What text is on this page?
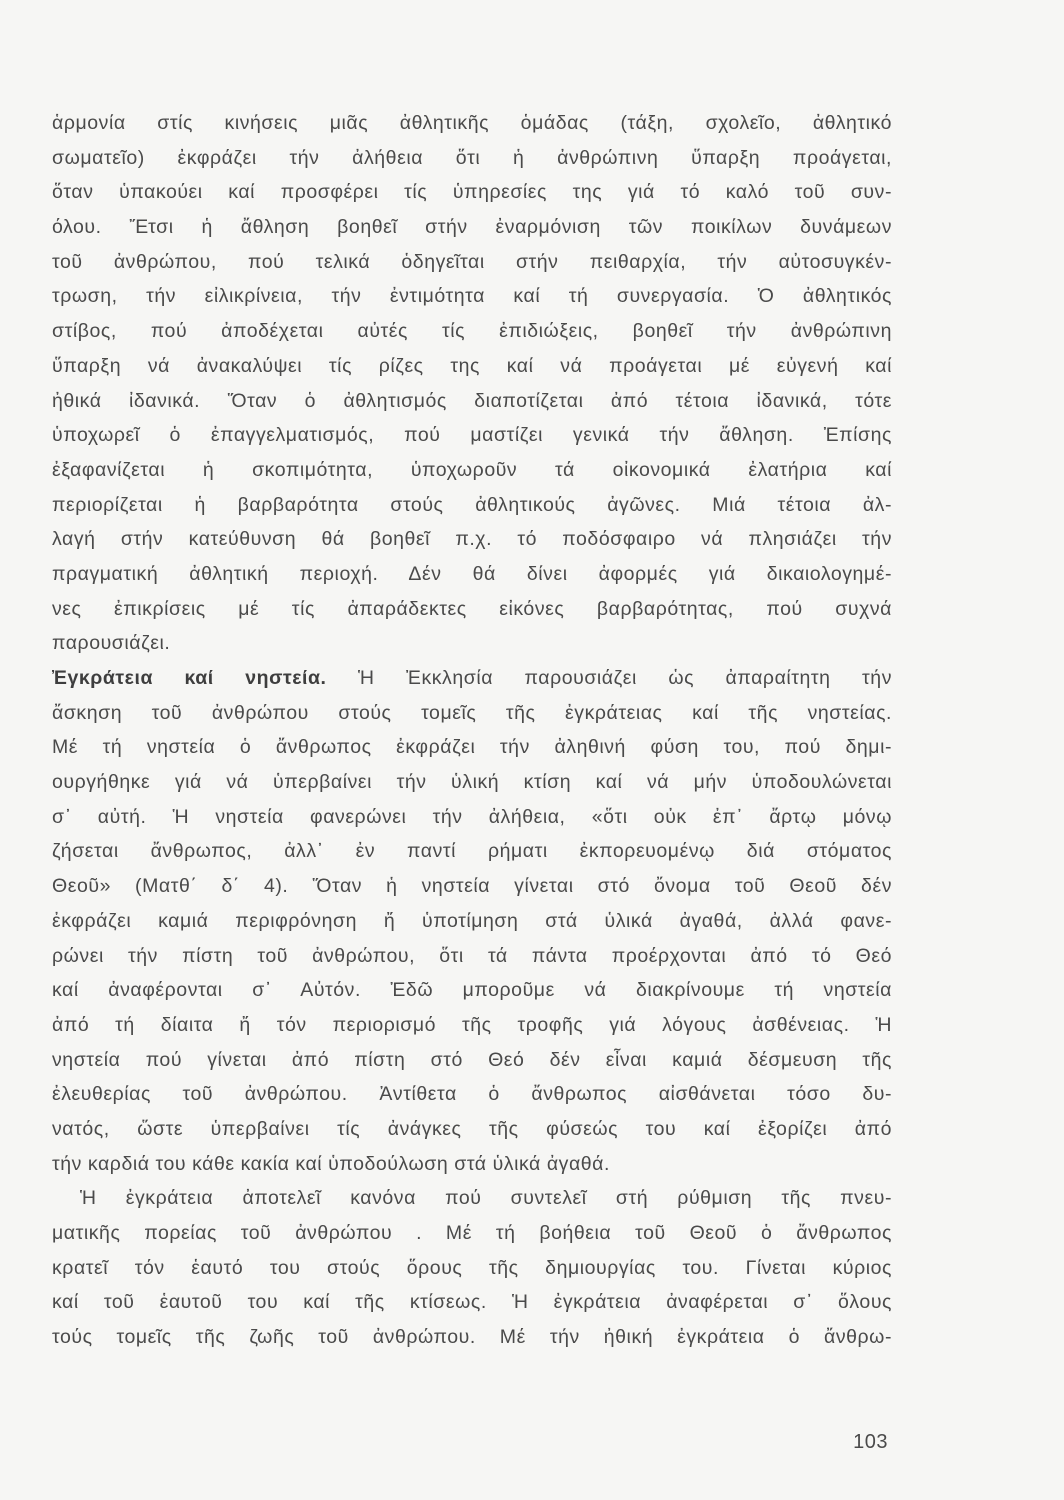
ἁρμονία στίς κινήσεις μιᾶς ἀθλητικῆς ὁμάδας (τάξη, σχολεῖο, ἀθλητικό
σωματεῖο) ἐκφράζει τήν ἀλήθεια ὅτι ἡ ἀνθρώπινη ὕπαρξη προάγεται,
ὅταν ὑπακούει καί προσφέρει τίς ὑπηρεσίες της γιά τό καλό τοῦ συν-
όλου. Ἔτσι ἡ ἄθληση βοηθεῖ στήν ἐναρμόνιση τῶν ποικίλων δυνάμεων
τοῦ ἀνθρώπου, πού τελικά ὁδηγεῖται στήν πειθαρχία, τήν αὐτοσυγκέν-
τρωση, τήν εἰλικρίνεια, τήν ἐντιμότητα καί τή συνεργασία. Ὁ ἀθλητικός
στίβος, πού ἀποδέχεται αὐτές τίς ἐπιδιώξεις, βοηθεῖ τήν ἀνθρώπινη
ὕπαρξη νά ἀνακαλύψει τίς ρίζες της καί νά προάγεται μέ εὐγενή καί
ἠθικά ἰδανικά. Ὅταν ὁ ἀθλητισμός διαποτίζεται ἀπό τέτοια ἰδανικά, τότε
ὑποχωρεῖ ὁ ἐπαγγελματισμός, πού μαστίζει γενικά τήν ἄθληση. Ἐπίσης
ἐξαφανίζεται ἡ σκοπιμότητα, ὑποχωροῦν τά οἰκονομικά ἐλατήρια καί
περιορίζεται ἡ βαρβαρότητα στούς ἀθλητικούς ἀγῶνες. Μιά τέτοια ἀλ-
λαγή στήν κατεύθυνση θά βοηθεῖ π.χ. τό ποδόσφαιρο νά πλησιάζει τήν
πραγματική ἀθλητική περιοχή. Δέν θά δίνει ἀφορμές γιά δικαιολογημέ-
νες ἐπικρίσεις μέ τίς ἀπαράδεκτες εἰκόνες βαρβαρότητας, πού συχνά
παρουσιάζει.
Ἐγκράτεια καί νηστεία. Ἡ Ἐκκλησία παρουσιάζει ὡς ἀπαραίτητη τήν
ἄσκηση τοῦ ἀνθρώπου στούς τομεῖς τῆς ἐγκράτειας καί τῆς νηστείας.
Μέ τή νηστεία ὁ ἄνθρωπος ἐκφράζει τήν ἀληθινή φύση του, πού δημι-
ουργήθηκε γιά νά ὑπερβαίνει τήν ὑλική κτίση καί νά μήν ὑποδουλώνεται
σ᾽ αὐτή. Ἡ νηστεία φανερώνει τήν ἀλήθεια, «ὅτι οὐκ ἐπ᾽ ἄρτῳ μόνῳ
ζήσεται ἄνθρωπος, ἀλλ᾽ ἐν παντί ρήματι ἐκπορευομένῳ διά στόματος
Θεοῦ» (Ματθ΄ δ΄ 4). Ὅταν ἡ νηστεία γίνεται στό ὄνομα τοῦ Θεοῦ δέν
ἐκφράζει καμιά περιφρόνηση ἤ ὑποτίμηση στά ὑλικά ἀγαθά, ἀλλά φανε-
ρώνει τήν πίστη τοῦ ἀνθρώπου, ὅτι τά πάντα προέρχονται ἀπό τό Θεό
καί ἀναφέρονται σ᾽ Αὐτόν. Ἐδῶ μποροῦμε νά διακρίνουμε τή νηστεία
ἀπό τή δίαιτα ἤ τόν περιορισμό τῆς τροφῆς γιά λόγους ἀσθένειας. Ἡ
νηστεία πού γίνεται ἀπό πίστη στό Θεό δέν εἶναι καμιά δέσμευση τῆς
ἐλευθερίας τοῦ ἀνθρώπου. Ἀντίθετα ὁ ἄνθρωπος αἰσθάνεται τόσο δυ-
νατός, ὥστε ὑπερβαίνει τίς ἀνάγκες τῆς φύσεώς του καί ἐξορίζει ἀπό
τήν καρδιά του κάθε κακία καί ὑποδούλωση στά ὑλικά ἀγαθά.
Ἡ ἐγκράτεια ἀποτελεῖ κανόνα πού συντελεῖ στή ρύθμιση τῆς πνευ-
ματικῆς πορείας τοῦ ἀνθρώπου . Μέ τή βοήθεια τοῦ Θεοῦ ὁ ἄνθρωπος
κρατεῖ τόν ἑαυτό του στούς ὅρους τῆς δημιουργίας του. Γίνεται κύριος
καί τοῦ ἑαυτοῦ του καί τῆς κτίσεως. Ἡ ἐγκράτεια ἀναφέρεται σ᾽ ὅλους
τούς τομεῖς τῆς ζωῆς τοῦ ἀνθρώπου. Μέ τήν ἠθική ἐγκράτεια ὁ ἄνθρω-
103
